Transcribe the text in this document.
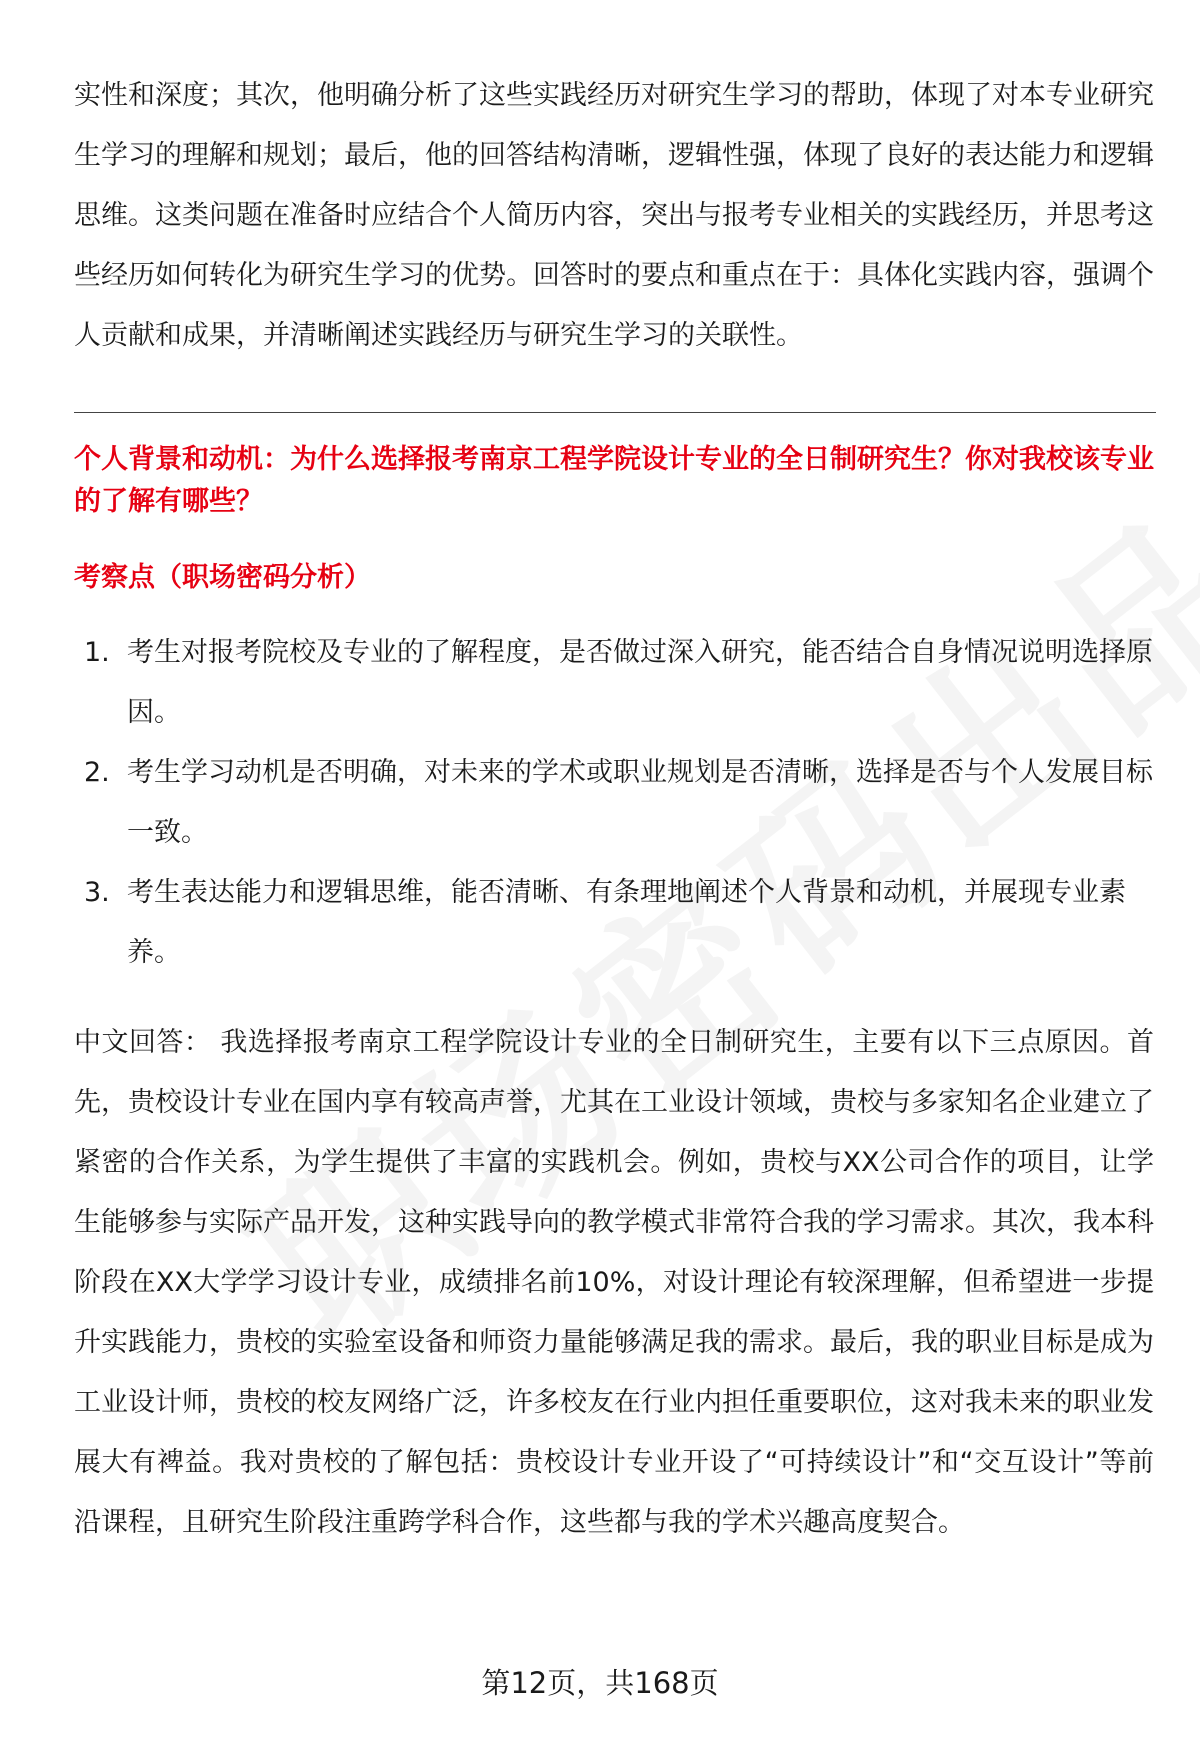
实性和深度；其次，他明确分析了这些实践经历对研究生学习的帮助，体现了对本专业研究生学习的理解和规划；最后，他的回答结构清晰，逻辑性强，体现了良好的表达能力和逻辑思维。这类问题在准备时应结合个人简历内容，突出与报考专业相关的实践经历，并思考这些经历如何转化为研究生学习的优势。回答时的要点和重点在于：具体化实践内容，强调个人贡献和成果，并清晰阐述实践经历与研究生学习的关联性。

个人背景和动机：为什么选择报考南京工程学院设计专业的全日制研究生？你对我校该专业的了解有哪些？

考察点（职场密码分析）

1. 考生对报考院校及专业的了解程度，是否做过深入研究，能否结合自身情况说明选择原因。
2. 考生学习动机是否明确，对未来的学术或职业规划是否清晰，选择是否与个人发展目标一致。
3. 考生表达能力和逻辑思维，能否清晰、有条理地阐述个人背景和动机，并展现专业素养。

中文回答： 我选择报考南京工程学院设计专业的全日制研究生，主要有以下三点原因。首先，贵校设计专业在国内享有较高声誉，尤其在工业设计领域，贵校与多家知名企业建立了紧密的合作关系，为学生提供了丰富的实践机会。例如，贵校与XX公司合作的项目，让学生能够参与实际产品开发，这种实践导向的教学模式非常符合我的学习需求。其次，我本科阶段在XX大学学习设计专业，成绩排名前10%，对设计理论有较深理解，但希望进一步提升实践能力，贵校的实验室设备和师资力量能够满足我的需求。最后，我的职业目标是成为工业设计师，贵校的校友网络广泛，许多校友在行业内担任重要职位，这对我未来的职业发展大有裨益。我对贵校的了解包括：贵校设计专业开设了“可持续设计”和“交互设计”等前沿课程，且研究生阶段注重跨学科合作，这些都与我的学术兴趣高度契合。

第12页，共168页
